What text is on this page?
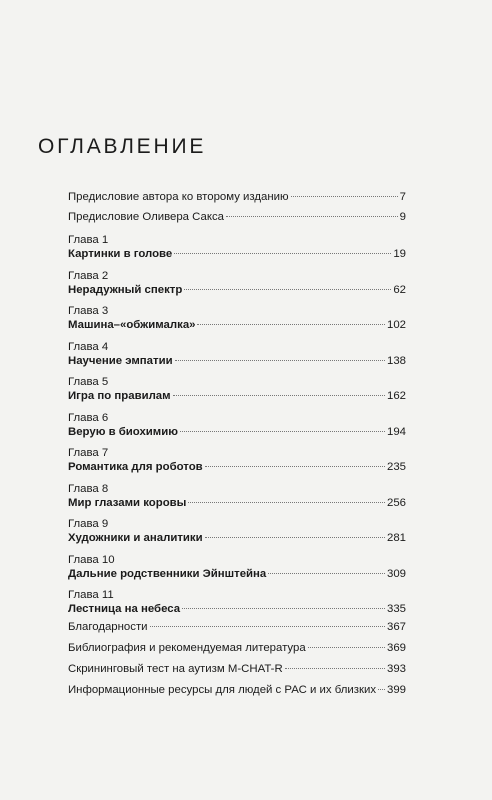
ОГЛАВЛЕНИЕ
Предисловие автора ко второму изданию	7
Предисловие Оливера Сакса	9
Глава 1
Картинки в голове	19
Глава 2
Нерадужный спектр	62
Глава 3
Машина–«обжималка»	102
Глава 4
Научение эмпатии	138
Глава 5
Игра по правилам	162
Глава 6
Верую в биохимию	194
Глава 7
Романтика для роботов	235
Глава 8
Мир глазами коровы	256
Глава 9
Художники и аналитики	281
Глава 10
Дальние родственники Эйнштейна	309
Глава 11
Лестница на небеса	335
Благодарности	367
Библиография и рекомендуемая литература	369
Скрининговый тест на аутизм M-CHAT-R	393
Информационные ресурсы для людей с РАС и их близких 399
